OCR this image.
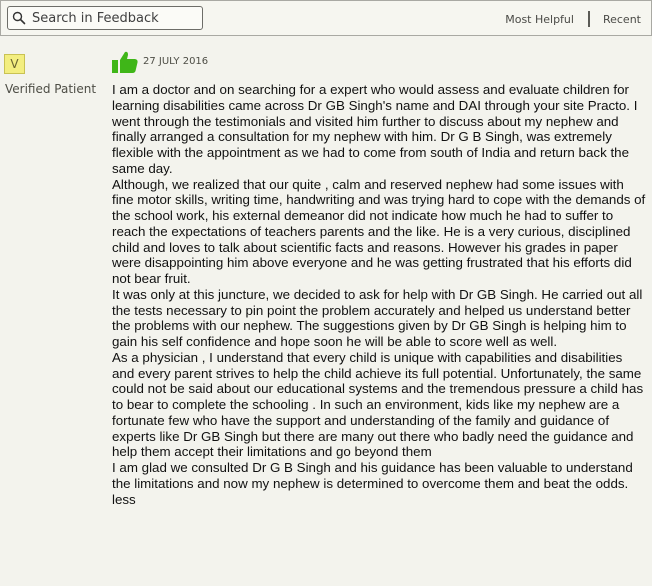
Search in Feedback
Most Helpful	Recent
V
Verified Patient
27 JULY 2016

I am a doctor and on searching for a expert who would assess and evaluate children for learning disabilities came across Dr GB Singh's name and DAI through your site Practo. I went through the testimonials and visited him further to discuss about my nephew and finally arranged a consultation for my nephew with him. Dr G B Singh, was extremely flexible with the appointment as we had to come from south of India and return back the same day.

Although, we realized that our quite , calm and reserved nephew had some issues with fine motor skills, writing time, handwriting and was trying hard to cope with the demands of the school work, his external demeanor did not indicate how much he had to suffer to reach the expectations of teachers parents and the like. He is a very curious, disciplined child and loves to talk about scientific facts and reasons. However his grades in paper were disappointing him above everyone and he was getting frustrated that his efforts did not bear fruit.

It was only at this juncture, we decided to ask for help with Dr GB Singh. He carried out all the tests necessary to pin point the problem accurately and helped us understand better the problems with our nephew. The suggestions given by Dr GB Singh is helping him to gain his self confidence and hope soon he will be able to score well as well.

As a physician , I understand that every child is unique with capabilities and disabilities and every parent strives to help the child achieve its full potential. Unfortunately, the same could not be said about our educational systems and the tremendous pressure a child has to bear to complete the schooling . In such an environment, kids like my nephew are a fortunate few who have the support and understanding of the family and guidance of experts like Dr GB Singh but there are many out there who badly need the guidance and help them accept their limitations and go beyond them

I am glad we consulted Dr G B Singh and his guidance has been valuable to understand the limitations and now my nephew is determined to overcome them and beat the odds. less
